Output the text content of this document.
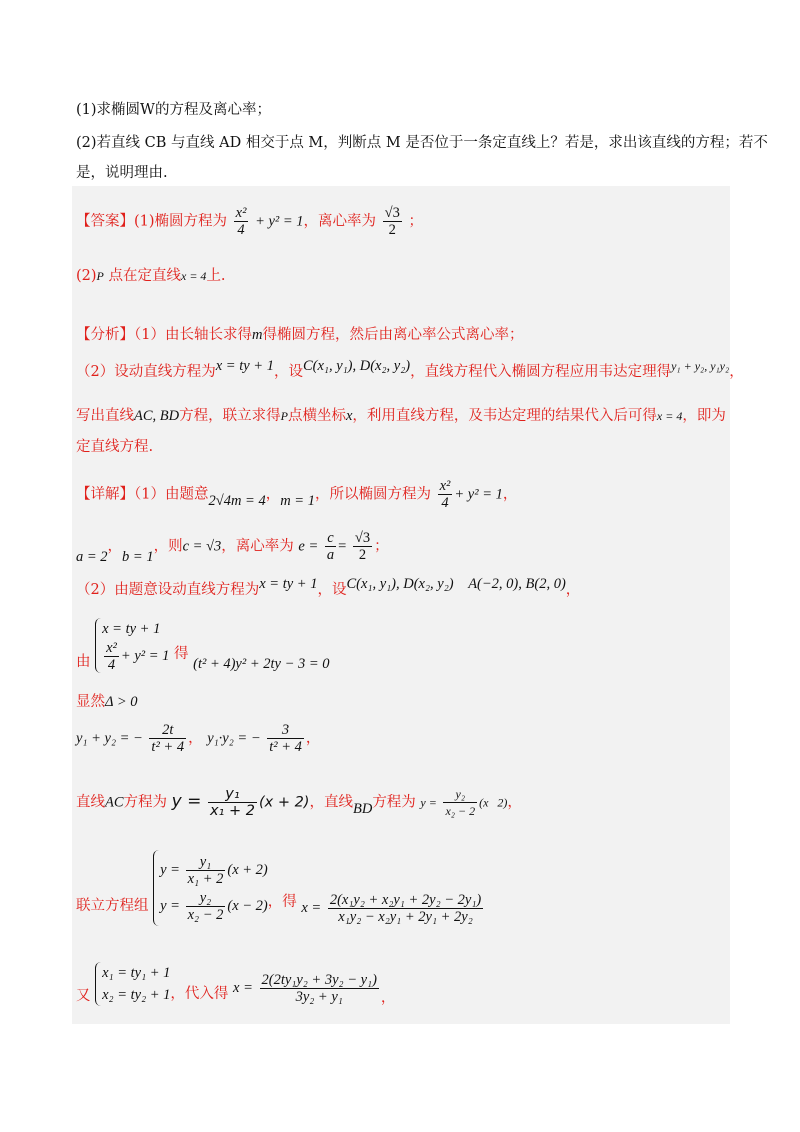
(1)求椭圆W的方程及离心率；
(2)若直线 CB 与直线 AD 相交于点 M，判断点 M 是否位于一条定直线上？若是，求出该直线的方程；若不
是，说明理由.
【答案】(1)椭圆方程为 $\frac{\text{x²}}{4} + y^2 = 1$，离心率为 $\frac{√3}{2}$ ；
(2)P 点在定直线x = 4上.
【分析】（1）由长轴长求得m得椭圆方程，然后由离心率公式离心率；
（2）设动直线方程为x = ty + 1，设C(x₁, y₁), D(x₂, y₂)，直线方程代入椭圆方程应用韦达定理得$^{y_1 + y_2, y_1y_2}$，
写出直线AC, BD方程，联立求得P点横坐标x，利用直线方程，及韦达定理的结果代入后可得x = 4，即为
定直线方程.
【详解】（1）由题意2√4m = 4，m = 1，所以椭圆方程为 $\frac{\text{x²}}{4} + y^2 = 1$，
a = 2，b = 1，则c = √3，离心率为 $e = \frac{c}{a} = \frac{√3}{2}$ ；
（2）由题意设动直线方程为x = ty + 1，设C(x₁, y₁), D(x₂, y₂) A(−2, 0), B(2, 0)，
由
x = ty + 1
$\frac{\text{x²}}{4} + y^2 = 1$ 得 (t² + 4)y² + 2ty − 3 = 0
显然Δ > 0
y₁ + y₂ = − $\frac{2t}{\text{t² + 4}}$ ， y₁·y₂ = − $\frac{3}{\text{t² + 4}}$ ，
直线AC方程为 $y = \frac{\text{y₁}}{\text{x₁ + 2}} (x + 2)$，直线BD方程为 $y = \frac{\text{y₂}}{\text{x₂ − 2}} (x$   2)，
联立方程组
$y = \frac{\text{y₁}}{\text{x₁ + 2}} (x + 2)$
$y = \frac{\text{y₂}}{\text{x₂ − 2}} (x - 2)$ ，得 $x = \frac{\text{2(x₁y₂ + x₂y₁ + 2y₂ − 2y₁)}}{\text{x₁y₂ − x₂y₁ + 2y₁ + 2y₂}}$
又
x₁ = ty₁ + 1
x₂ = ty₂ + 1 ，代入得 $x = \frac{\text{2(2ty₁y₂ + 3y₂ − y₁)}}{\text{3y₂ + y₁}}$ ，
